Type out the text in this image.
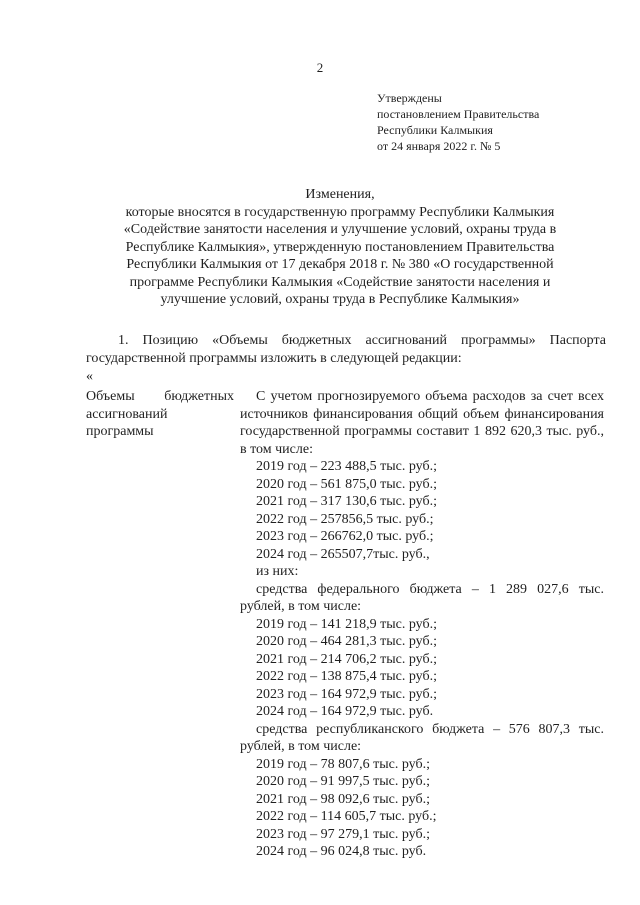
2
Утверждены
постановлением Правительства
Республики Калмыкия
от 24 января 2022 г. № 5
Изменения,
которые вносятся в государственную программу Республики Калмыкия
«Содействие занятости населения и улучшение условий, охраны труда в
Республике Калмыкия», утвержденную постановлением Правительства
Республики Калмыкия от 17 декабря 2018 г. № 380 «О государственной
программе Республики Калмыкия «Содействие занятости населения и
улучшение условий, охраны труда в Республике Калмыкия»
1. Позицию «Объемы бюджетных ассигнований программы» Паспорта государственной программы изложить в следующей редакции:
«
Объемы бюджетных
ассигнований
программы
С учетом прогнозируемого объема расходов за счет всех источников финансирования общий объем финансирования государственной программы составит 1 892 620,3 тыс. руб., в том числе:
2019 год – 223 488,5 тыс. руб.;
2020 год – 561 875,0 тыс. руб.;
2021 год – 317 130,6 тыс. руб.;
2022 год – 257856,5 тыс. руб.;
2023 год – 266762,0 тыс. руб.;
2024 год – 265507,7тыс. руб.,
из них:
средства федерального бюджета – 1 289 027,6 тыс. рублей, в том числе:
2019 год – 141 218,9 тыс. руб.;
2020 год – 464 281,3 тыс. руб.;
2021 год – 214 706,2 тыс. руб.;
2022 год – 138 875,4 тыс. руб.;
2023 год – 164 972,9 тыс. руб.;
2024 год – 164 972,9 тыс. руб.
средства республиканского бюджета – 576 807,3 тыс. рублей, в том числе:
2019 год – 78 807,6 тыс. руб.;
2020 год – 91 997,5 тыс. руб.;
2021 год – 98 092,6 тыс. руб.;
2022 год – 114 605,7 тыс. руб.;
2023 год – 97 279,1 тыс. руб.;
2024 год – 96 024,8 тыс. руб.
